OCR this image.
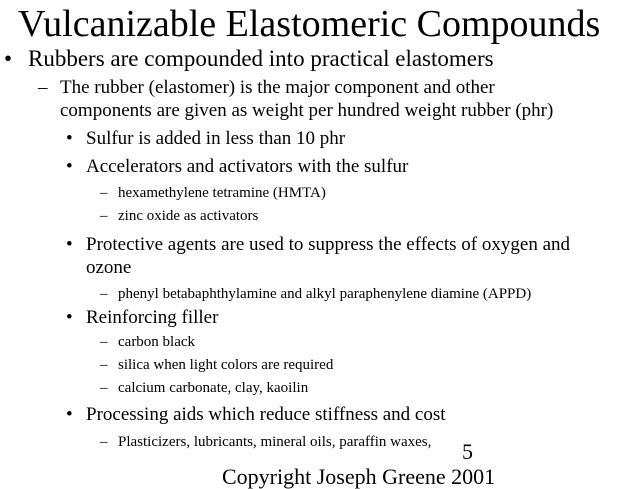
Vulcanizable Elastomeric Compounds
• Rubbers are compounded into practical elastomers
– The rubber (elastomer) is the major component and other
components are given as weight per hundred weight rubber (phr)
• Sulfur is added in less than 10 phr
• Accelerators and activators with the sulfur
– hexamethylene tetramine (HMTA)
– zinc oxide as activators
• Protective agents are used to suppress the effects of oxygen and
ozone
– phenyl betabaphthylamine and alkyl paraphenylene diamine (APPD)
• Reinforcing filler
– carbon black
– silica when light colors are required
– calcium carbonate, clay, kaoilin
• Processing aids which reduce stiffness and cost
– Plasticizers, lubricants, mineral oils, paraffin waxes, 5
Copyright Joseph Greene 2001
